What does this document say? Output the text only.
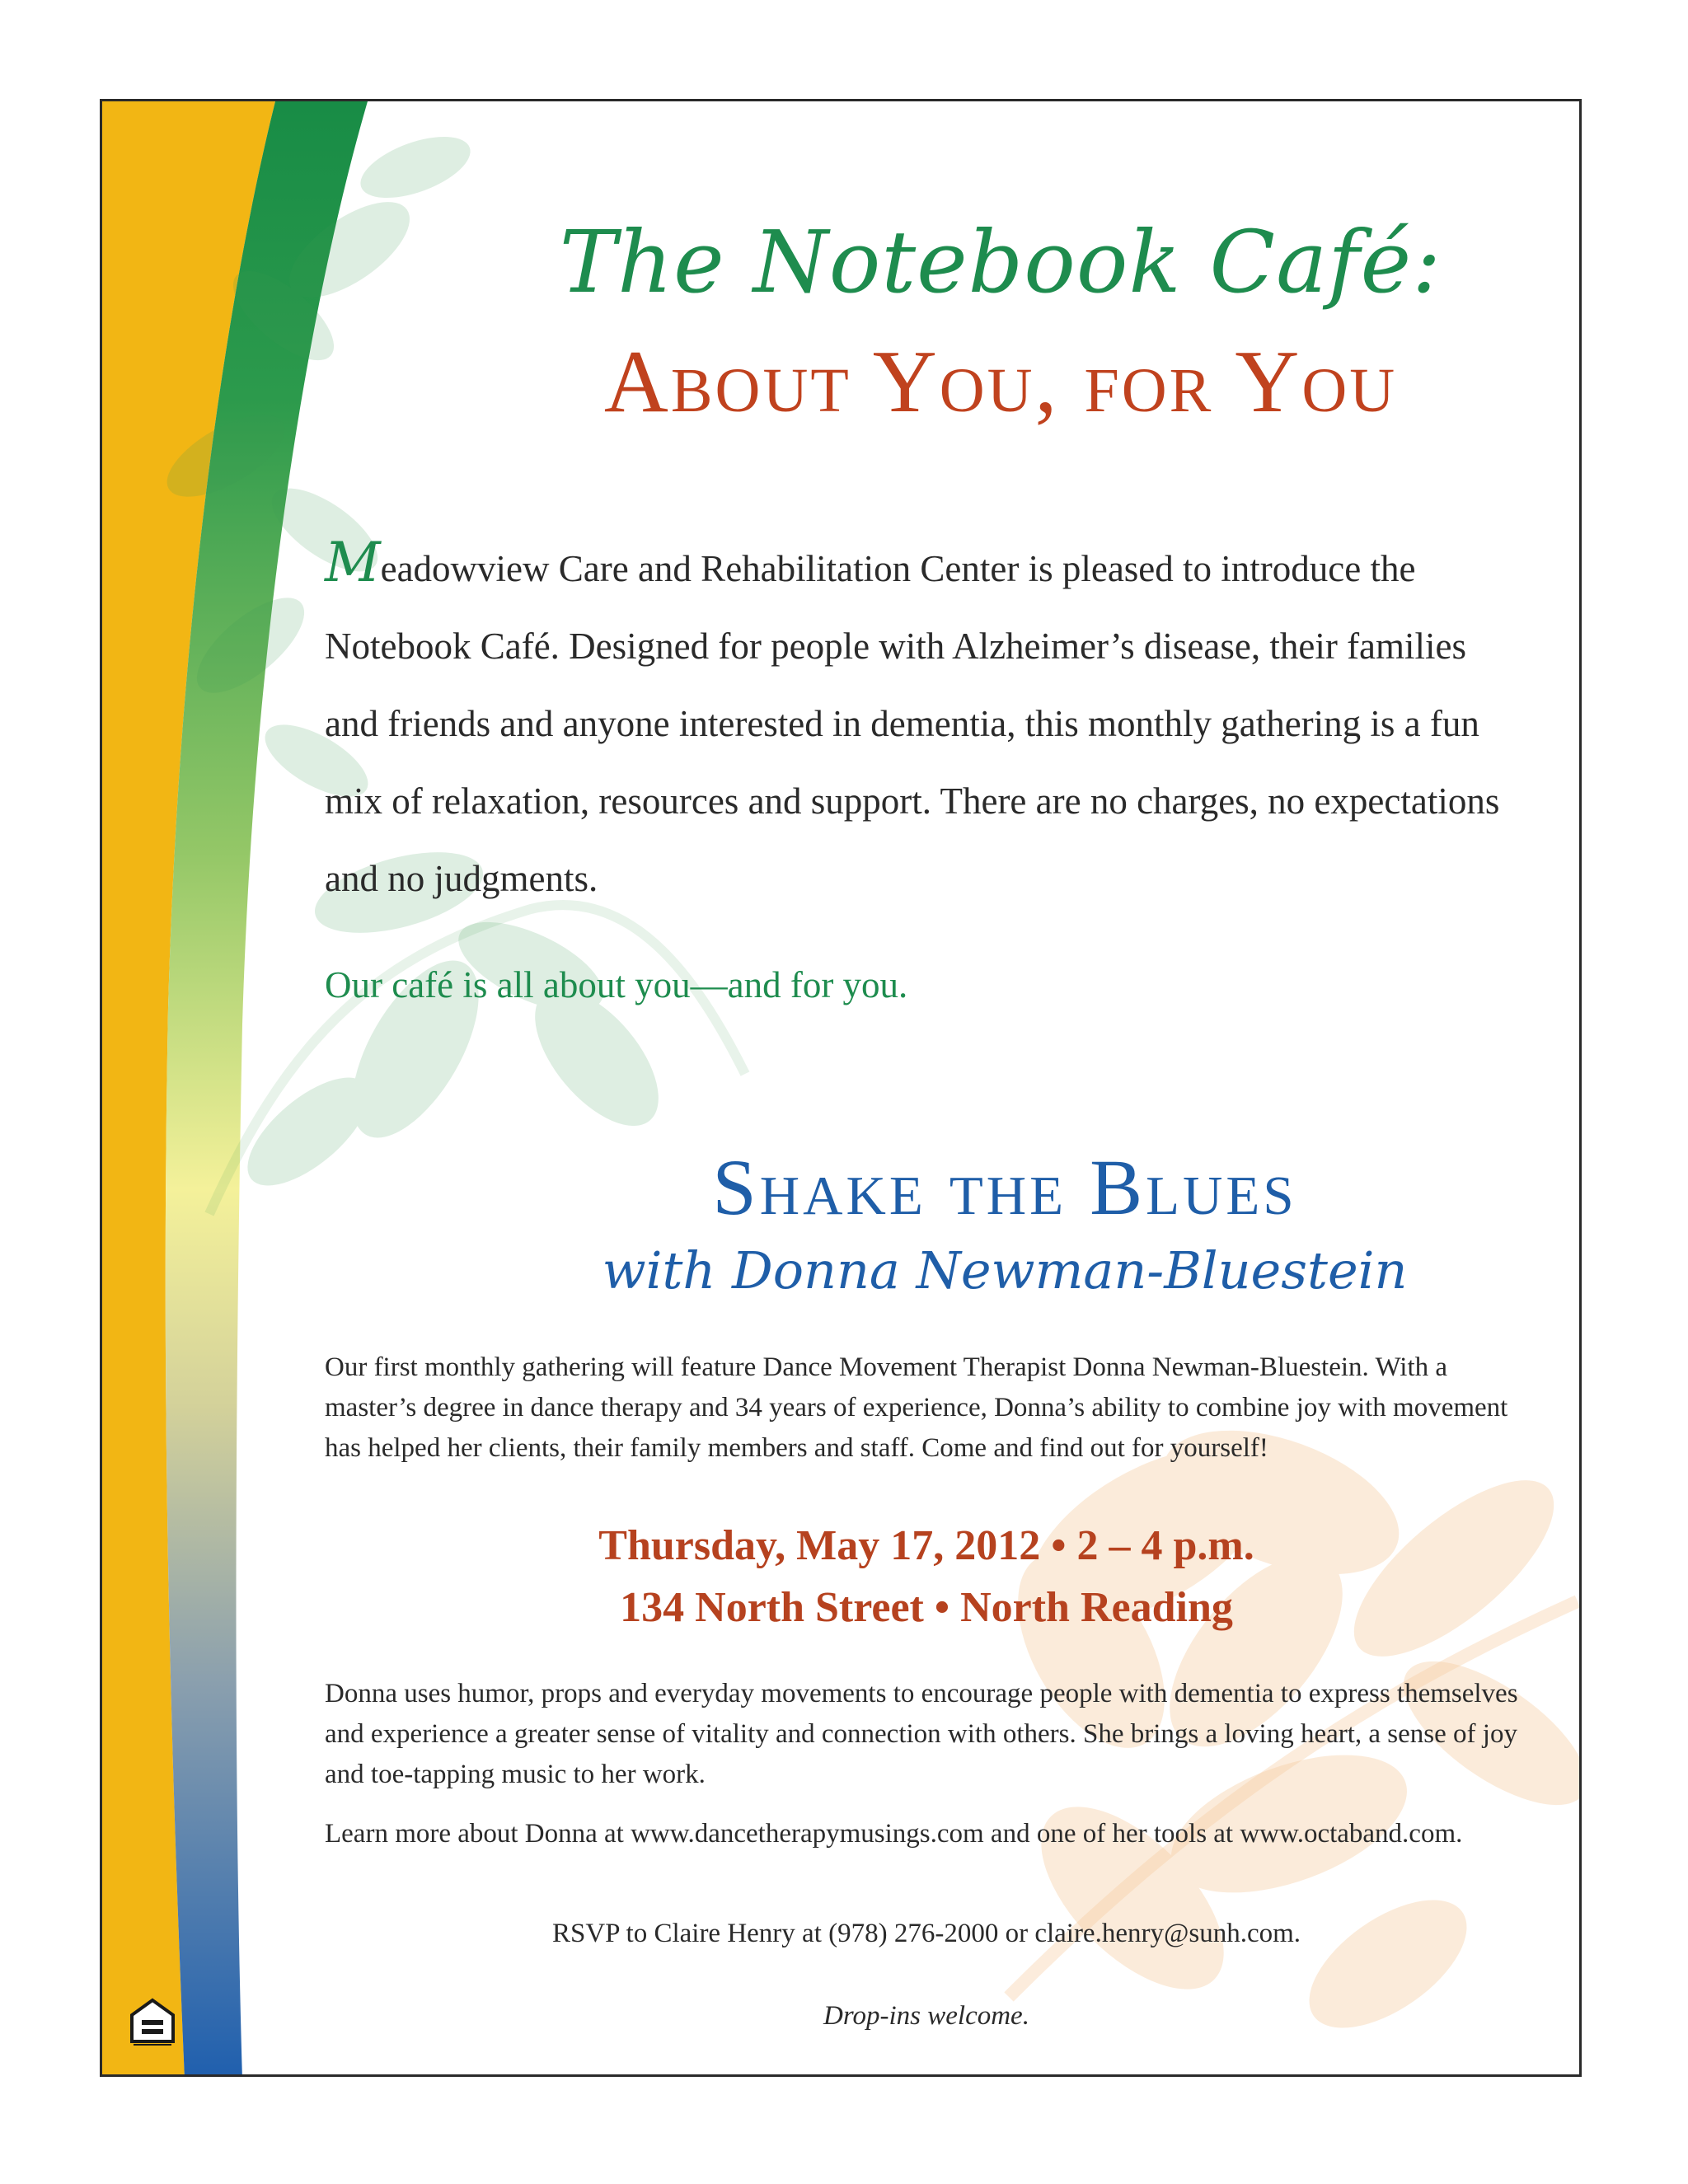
The Notebook Café:
About You, for You
Meadowview Care and Rehabilitation Center is pleased to introduce the Notebook Café. Designed for people with Alzheimer’s disease, their families and friends and anyone interested in dementia, this monthly gathering is a fun mix of relaxation, resources and support. There are no charges, no expectations and no judgments.
Our café is all about you—and for you.
Shake the Blues
with Donna Newman-Bluestein
Our first monthly gathering will feature Dance Movement Therapist Donna Newman-Bluestein. With a master’s degree in dance therapy and 34 years of experience, Donna’s ability to combine joy with movement has helped her clients, their family members and staff. Come and find out for yourself!
Thursday, May 17, 2012 • 2 – 4 p.m.
134 North Street • North Reading
Donna uses humor, props and everyday movements to encourage people with dementia to express themselves and experience a greater sense of vitality and connection with others. She brings a loving heart, a sense of joy and toe-tapping music to her work.
Learn more about Donna at www.dancetherapymusings.com and one of her tools at www.octaband.com.
RSVP to Claire Henry at (978) 276-2000 or claire.henry@sunh.com.
Drop-ins welcome.
